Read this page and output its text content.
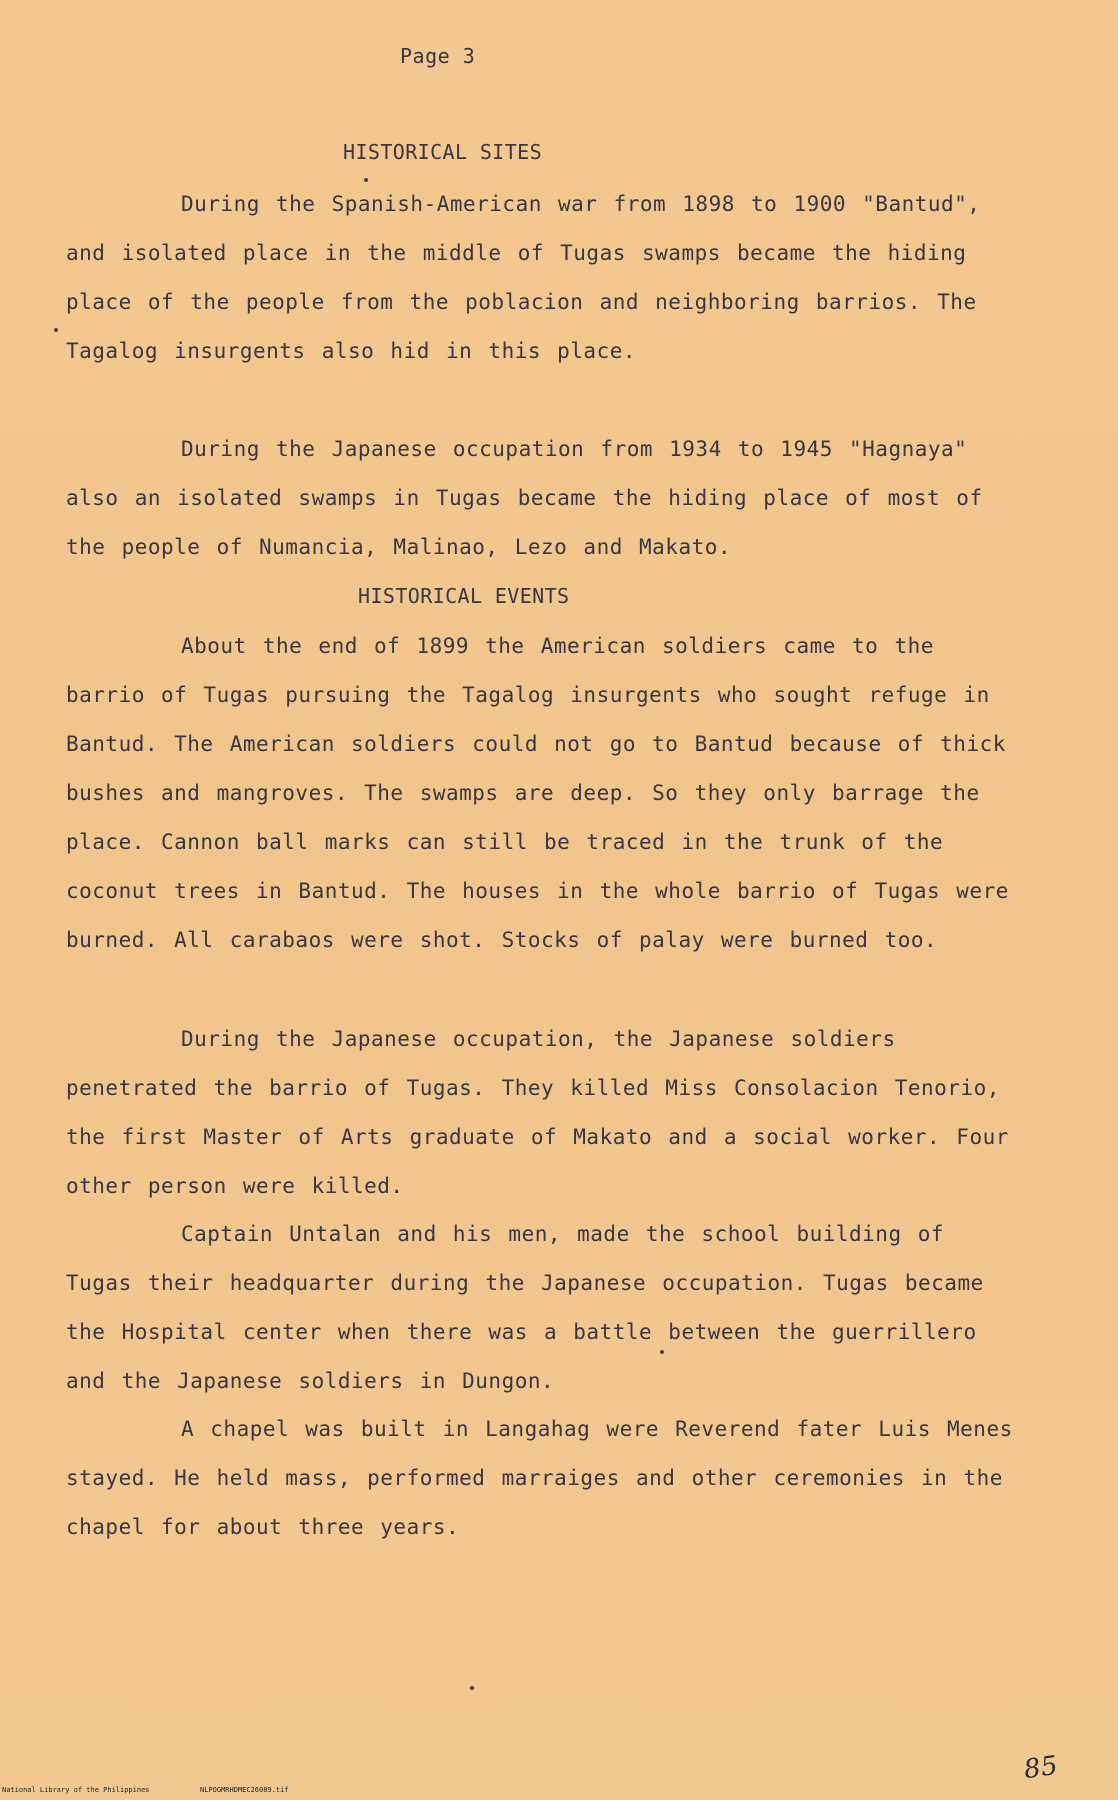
Page 3
HISTORICAL SITES

During the Spanish-American war from 1898 to 1900 "Bantud", and isolated place in the middle of Tugas swamps became the hiding place of the people from the poblacion and neighboring barrios. The Tagalog insurgents also hid in this place.

During the Japanese occupation from 1934 to 1945 "Hagnaya" also an isolated swamps in Tugas became the hiding place of most of the people of Numancia, Malinao, Lezo and Makato.

HISTORICAL EVENTS

About the end of 1899 the American soldiers came to the barrio of Tugas pursuing the Tagalog insurgents who sought refuge in Bantud. The American soldiers could not go to Bantud because of thick bushes and mangroves. The swamps are deep. So they only barrage the place. Cannon ball marks can still be traced in the trunk of the coconut trees in Bantud. The houses in the whole barrio of Tugas were burned. All carabaos were shot. Stocks of palay were burned too.

During the Japanese occupation, the Japanese soldiers penetrated the barrio of Tugas. They killed Miss Consolacion Tenorio, the first Master of Arts graduate of Makato and a social worker. Four other person were killed.

Captain Untalan and his men, made the school building of Tugas their headquarter during the Japanese occupation. Tugas became the Hospital center when there was a battle between the guerrillero and the Japanese soldiers in Dungon.

A chapel was built in Langahag were Reverend fater Luis Menes stayed. He held mass, performed marraiges and other ceremonies in the chapel for about three years.

85
National Library of the Philippines	NLPOGMRHDMEC26089.tif
